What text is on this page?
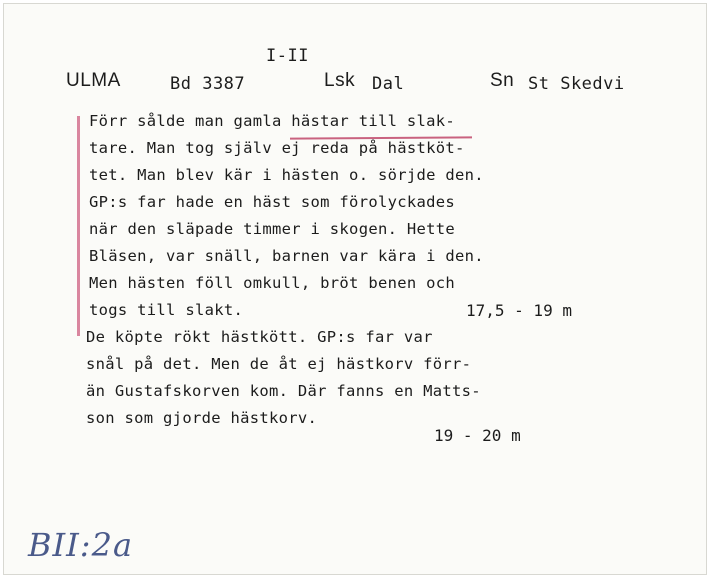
I-II
ULMA	Bd 3387	Lsk Dal	Sn St Skedvi
Förr sålde man gamla hästar till slak-
tare. Man tog själv ej reda på hästköt-
tet. Man blev kär i hästen o. sörjde den.
GP:s far hade en häst som förolyckades
när den släpade timmer i skogen. Hette
Bläsen, var snäll, barnen var kära i den.
Men hästen föll omkull, bröt benen och
togs till slakt.	17,5 - 19 m
De köpte rökt hästkött. GP:s far var
snål på det. Men de åt ej hästkorv förr-
än Gustafskorven kom. Där fanns en Matts-
son som gjorde hästkorv.
19 - 20 m
BII:2a
